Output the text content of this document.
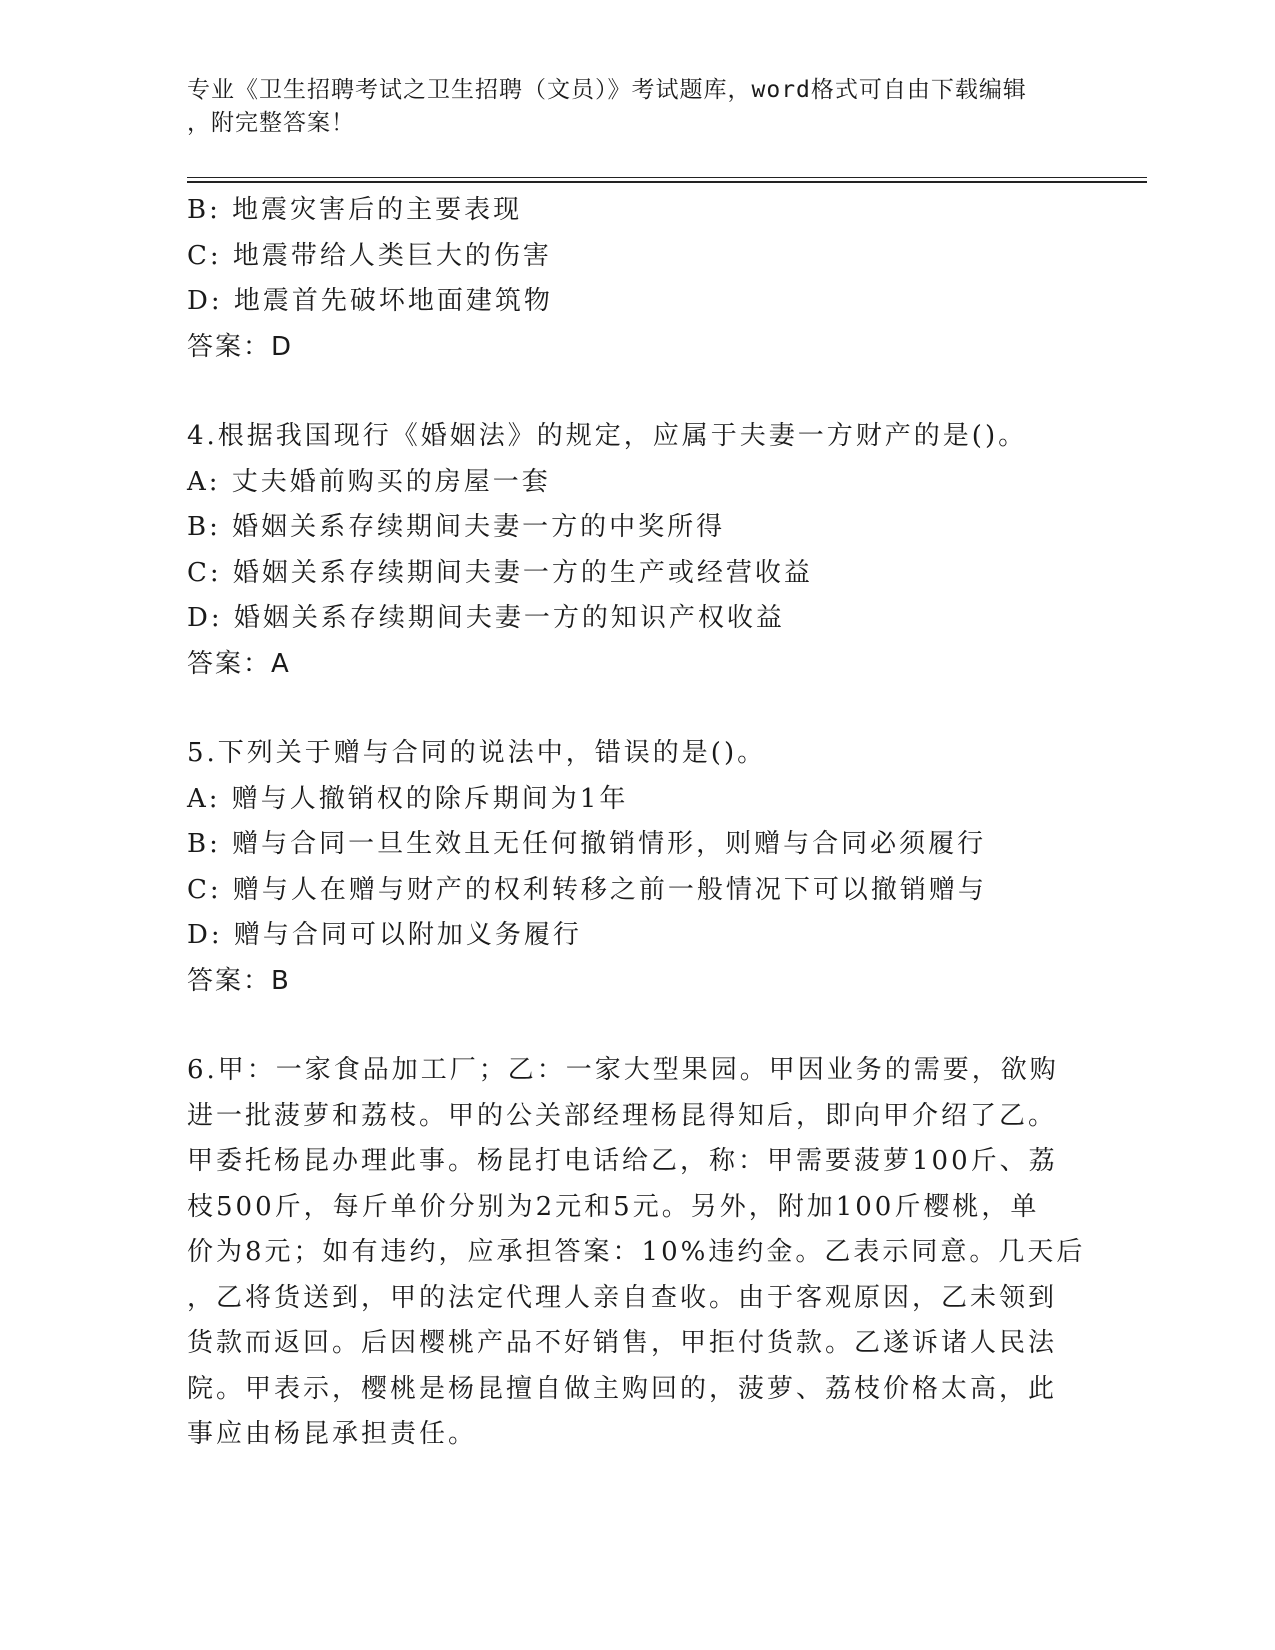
专业《卫生招聘考试之卫生招聘（文员）》考试题库，word格式可自由下载编辑
，附完整答案！
B: 地震灾害后的主要表现
C: 地震带给人类巨大的伤害
D: 地震首先破坏地面建筑物
答案：D
4.根据我国现行《婚姻法》的规定，应属于夫妻一方财产的是()。
A: 丈夫婚前购买的房屋一套
B: 婚姻关系存续期间夫妻一方的中奖所得
C: 婚姻关系存续期间夫妻一方的生产或经营收益
D: 婚姻关系存续期间夫妻一方的知识产权收益
答案：A
5.下列关于赠与合同的说法中，错误的是()。
A: 赠与人撤销权的除斥期间为1年
B: 赠与合同一旦生效且无任何撤销情形，则赠与合同必须履行
C: 赠与人在赠与财产的权利转移之前一般情况下可以撤销赠与
D: 赠与合同可以附加义务履行
答案：B
6.甲：一家食品加工厂；乙：一家大型果园。甲因业务的需要，欲购
进一批菠萝和荔枝。甲的公关部经理杨昆得知后，即向甲介绍了乙。
甲委托杨昆办理此事。杨昆打电话给乙，称：甲需要菠萝100斤、荔
枝500斤，每斤单价分别为2元和5元。另外，附加100斤樱桃，单
价为8元；如有违约，应承担答案：10%违约金。乙表示同意。几天后
，乙将货送到，甲的法定代理人亲自查收。由于客观原因，乙未领到
货款而返回。后因樱桃产品不好销售，甲拒付货款。乙遂诉诸人民法
院。甲表示，樱桃是杨昆擅自做主购回的，菠萝、荔枝价格太高，此
事应由杨昆承担责任。
